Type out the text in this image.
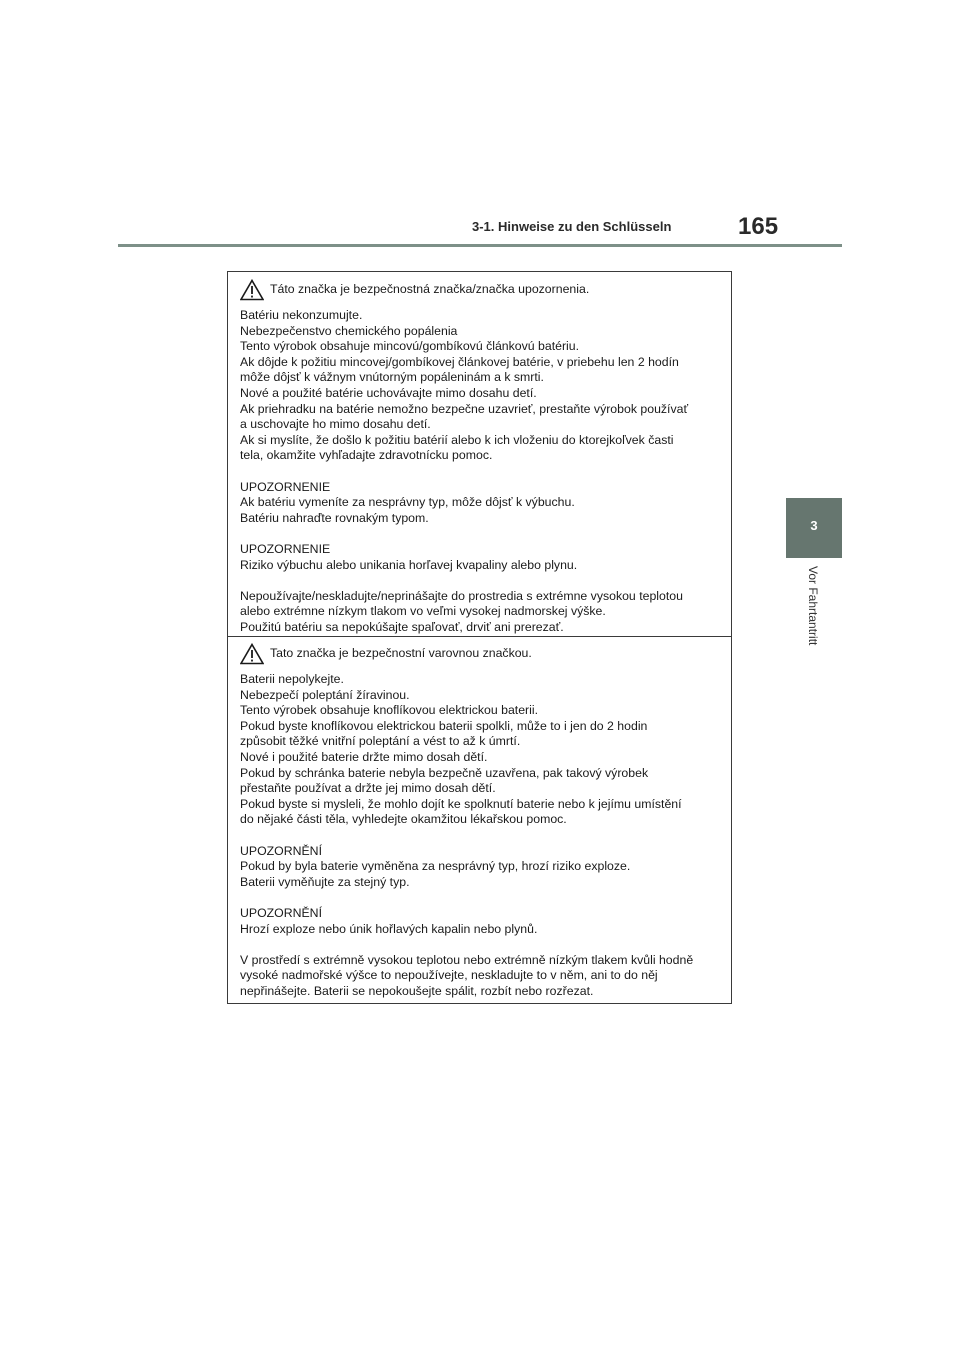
3-1. Hinweise zu den Schlüsseln	165
3
Vor Fahrtantritt
Táto značka je bezpečnostná značka/značka upozornenia.
Batériu nekonzumujte.
Nebezpečenstvo chemického popálenia
Tento výrobok obsahuje mincovú/gombíkovú článkovú batériu.
Ak dôjde k požitiu mincovej/gombíkovej článkovej batérie, v priebehu len 2 hodín
môže dôjsť k vážnym vnútorným popáleninám a k smrti.
Nové a použité batérie uchovávajte mimo dosahu detí.
Ak priehradku na batérie nemožno bezpečne uzavrieť, prestaňte výrobok používať
a uschovajte ho mimo dosahu detí.
Ak si myslíte, že došlo k požitiu batérií alebo k ich vloženiu do ktorejkoľvek časti
tela, okamžite vyhľadajte zdravotnícku pomoc.
UPOZORNENIE
Ak batériu vymeníte za nesprávny typ, môže dôjsť k výbuchu.
Batériu nahraďte rovnakým typom.
UPOZORNENIE
Riziko výbuchu alebo unikania horľavej kvapaliny alebo plynu.
Nepoužívajte/neskladujte/neprinášajte do prostredia s extrémne vysokou teplotou
alebo extrémne nízkym tlakom vo veľmi vysokej nadmorskej výške.
Použitú batériu sa nepokúšajte spaľovať, drviť ani prerezať.
Tato značka je bezpečnostní varovnou značkou.
Baterii nepolykejte.
Nebezpečí poleptání žíravinou.
Tento výrobek obsahuje knoflíkovou elektrickou baterii.
Pokud byste knoflíkovou elektrickou baterii spolkli, může to i jen do 2 hodin
způsobit těžké vnitřní poleptání a vést to až k úmrtí.
Nové i použité baterie držte mimo dosah dětí.
Pokud by schránka baterie nebyla bezpečně uzavřena, pak takový výrobek
přestaňte používat a držte jej mimo dosah dětí.
Pokud byste si mysleli, že mohlo dojít ke spolknutí baterie nebo k jejímu umístění
do nějaké části těla, vyhledejte okamžitou lékařskou pomoc.
UPOZORNĚNÍ
Pokud by byla baterie vyměněna za nesprávný typ, hrozí riziko exploze.
Baterii vyměňujte za stejný typ.
UPOZORNĚNÍ
Hrozí exploze nebo únik hořlavých kapalin nebo plynů.
V prostředí s extrémně vysokou teplotou nebo extrémně nízkým tlakem kvůli hodně
vysoké nadmořské výšce to nepoužívejte, neskladujte to v něm, ani to do něj
nepřinášejte. Baterii se nepokoušejte spálit, rozbít nebo rozřezat.
